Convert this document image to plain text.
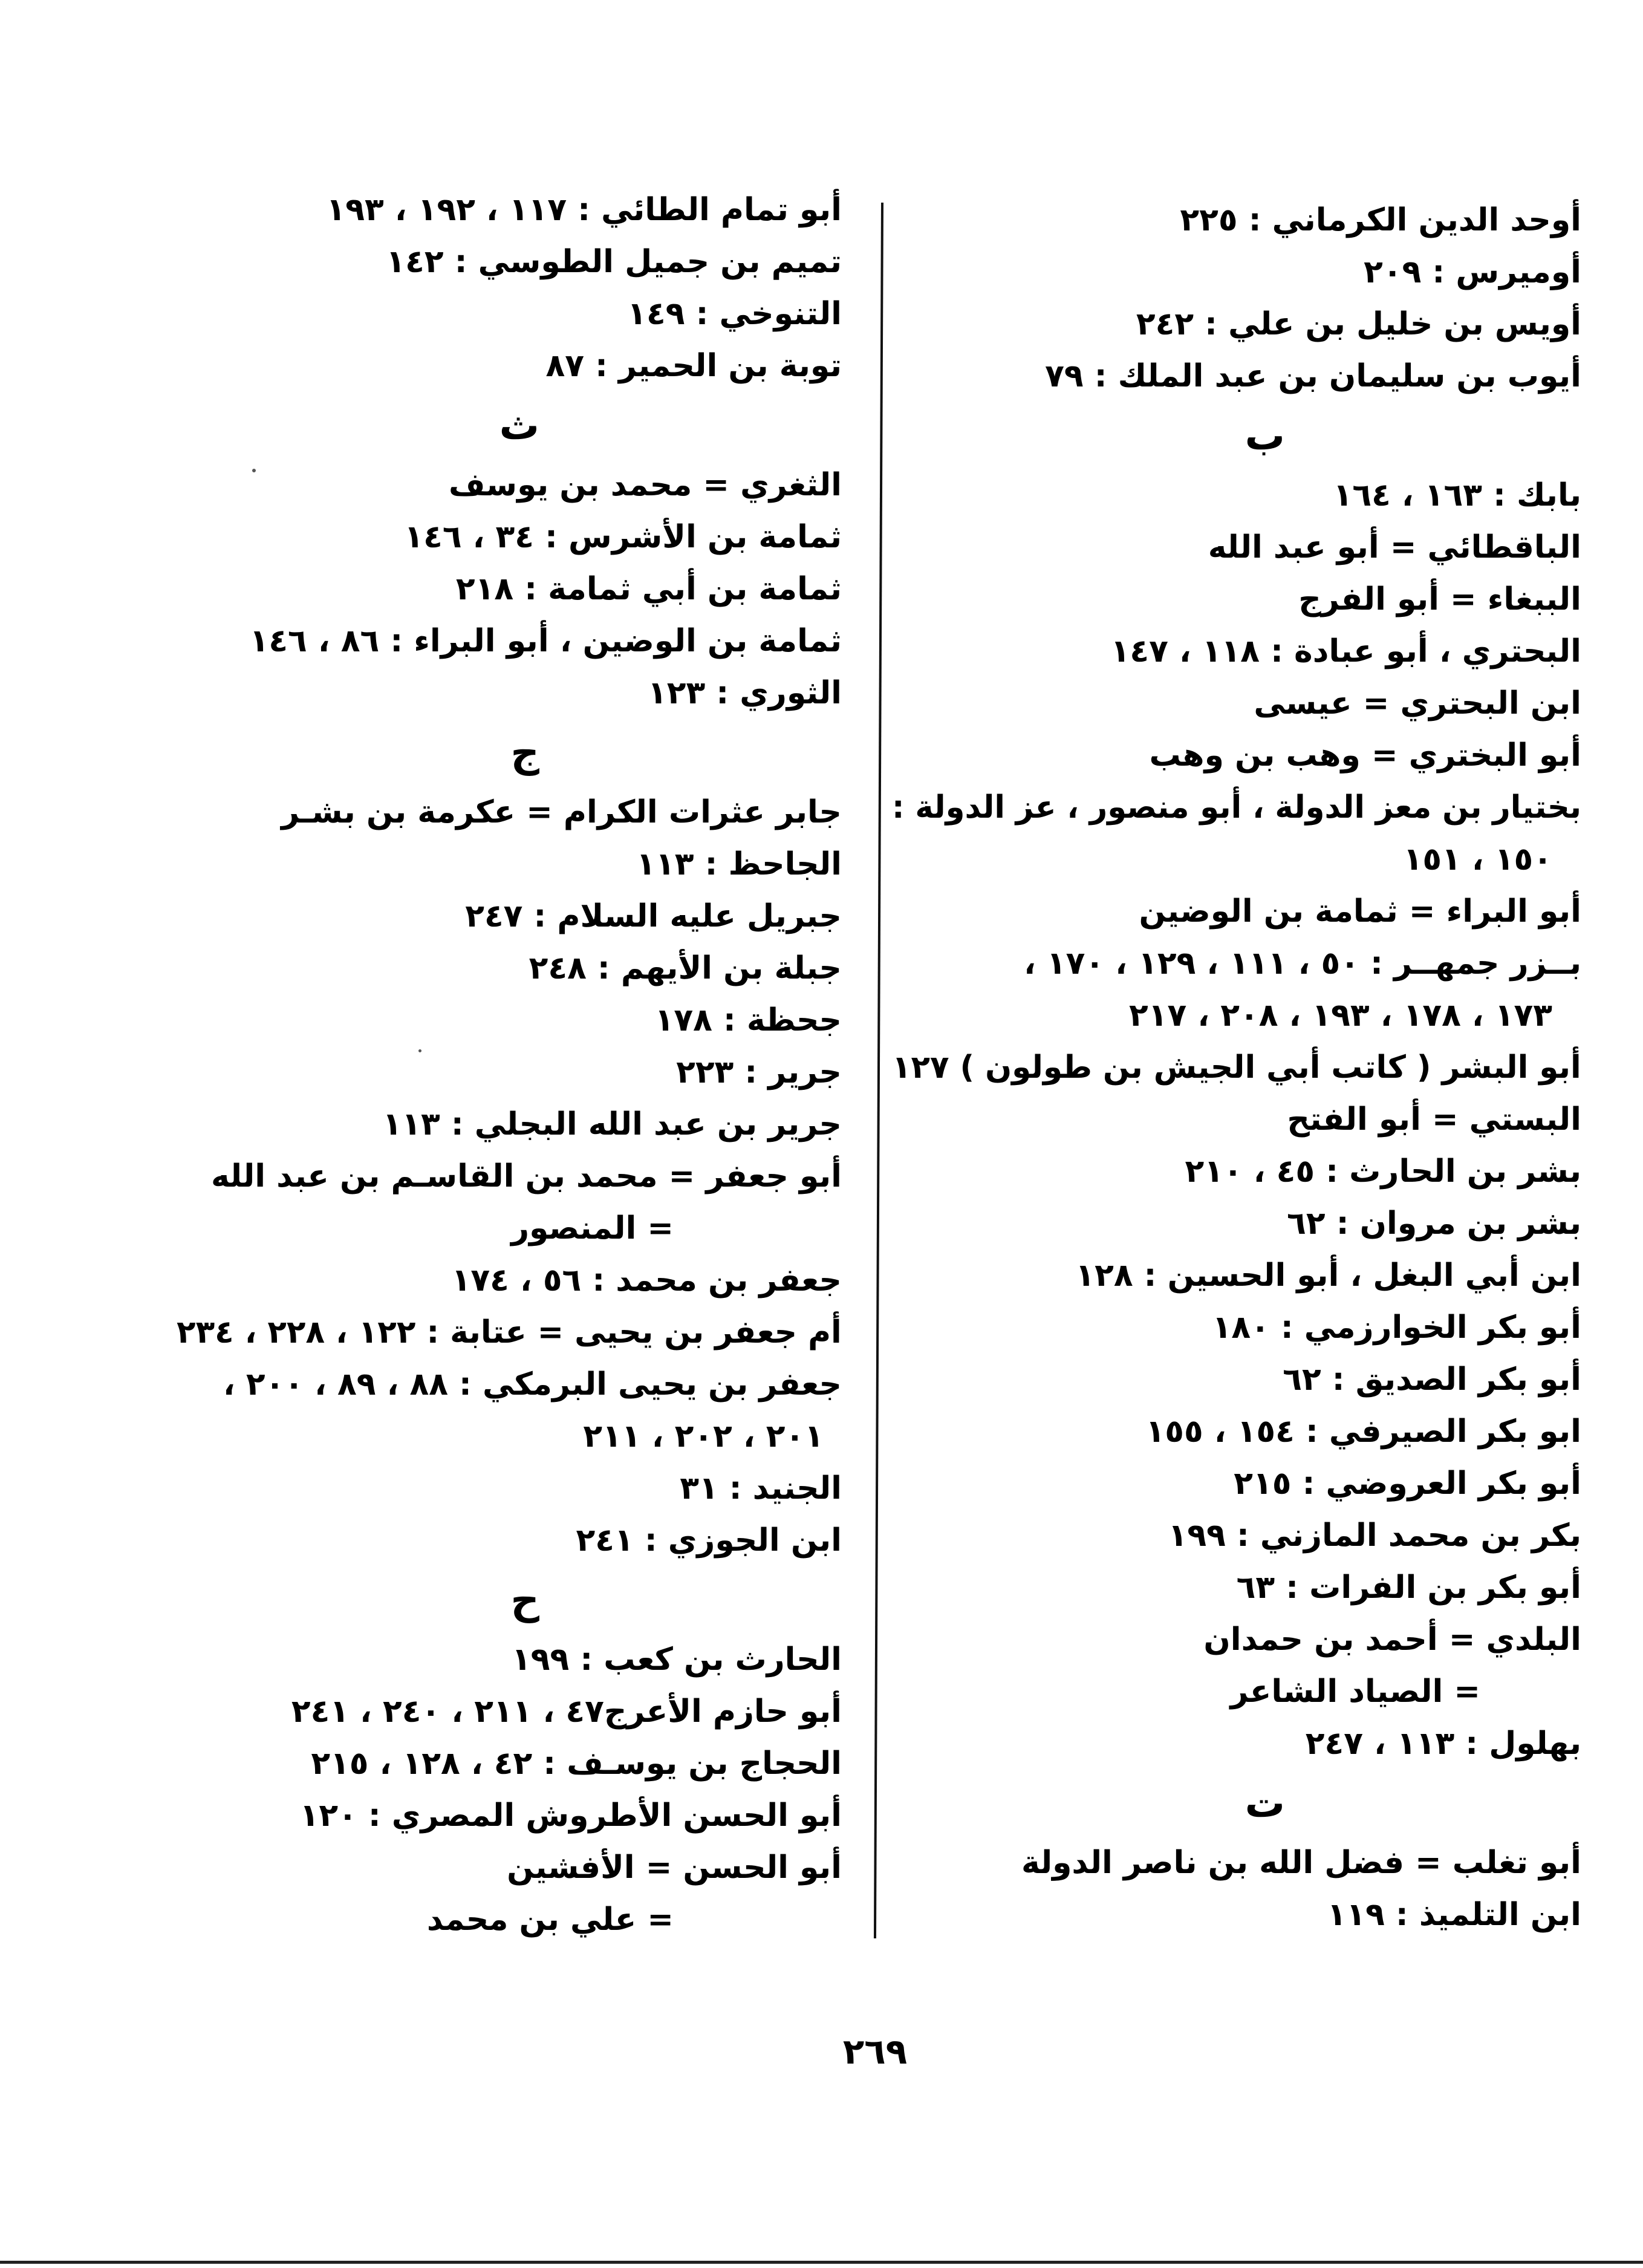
أوحد الدين الكرماني : ٢٢٥
أوميرس : ٢٠٩
أويس بن خليل بن علي : ٢٤٢
أيوب بن سليمان بن عبد الملك : ٧٩
ب
بابك : ١٦٣ ، ١٦٤
الباقطائي = أبو عبد الله
الببغاء = أبو الفرج
البحتري ، أبو عبادة : ١١٨ ، ١٤٧
ابن البحتري = عيسى
أبو البختري = وهب بن وهب
بختيار بن معز الدولة ، أبو منصور ، عز الدولة :
١٥٠ ، ١٥١
أبو البراء = ثمامة بن الوضين
بــزر جمهــر : ٥٠ ، ١١١ ، ١٢٩ ، ١٧٠ ،
١٧٣ ، ١٧٨ ، ١٩٣ ، ٢٠٨ ، ٢١٧
أبو البشر ( كاتب أبي الجيش بن طولون ) ١٢٧
البستي = أبو الفتح
بشر بن الحارث : ٤٥ ، ٢١٠
بشر بن مروان : ٦٢
ابن أبي البغل ، أبو الحسين : ١٢٨
أبو بكر الخوارزمي : ١٨٠
أبو بكر الصديق : ٦٢
ابو بكر الصيرفي : ١٥٤ ، ١٥٥
أبو بكر العروضي : ٢١٥
بكر بن محمد المازني : ١٩٩
أبو بكر بن الفرات : ٦٣
البلدي = أحمد بن حمدان
= الصياد الشاعر
بهلول : ١١٣ ، ٢٤٧
ت
أبو تغلب = فضل الله بن ناصر الدولة
ابن التلميذ : ١١٩
أبو تمام الطائي : ١١٧ ، ١٩٢ ، ١٩٣
تميم بن جميل الطوسي : ١٤٢
التنوخي : ١٤٩
توبة بن الحمير : ٨٧
ث
الثغري = محمد بن يوسف
ثمامة بن الأشرس : ٣٤ ، ١٤٦
ثمامة بن أبي ثمامة : ٢١٨
ثمامة بن الوضين ، أبو البراء : ٨٦ ، ١٤٦
الثوري : ١٢٣
ج
جابر عثرات الكرام = عكرمة بن بشـر
الجاحظ : ١١٣
جبريل عليه السلام : ٢٤٧
جبلة بن الأيهم : ٢٤٨
جحظة : ١٧٨
جرير : ٢٢٣
جرير بن عبد الله البجلي : ١١٣
أبو جعفر = محمد بن القاسـم بن عبد الله
= المنصور
جعفر بن محمد : ٥٦ ، ١٧٤
أم جعفر بن يحيى = عتابة : ١٢٢ ، ٢٢٨ ، ٢٣٤
جعفر بن يحيى البرمكي : ٨٨ ، ٨٩ ، ٢٠٠ ،
٢٠١ ، ٢٠٢ ، ٢١١
الجنيد : ٣١
ابن الجوزي : ٢٤١
ح
الحارث بن كعب : ١٩٩
أبو حازم الأعرج٤٧ ، ٢١١ ، ٢٤٠ ، ٢٤١
الحجاج بن يوسـف : ٤٢ ، ١٢٨ ، ٢١٥
أبو الحسن الأطروش المصري : ١٢٠
أبو الحسن = الأفشين
= علي بن محمد
٢٦٩
